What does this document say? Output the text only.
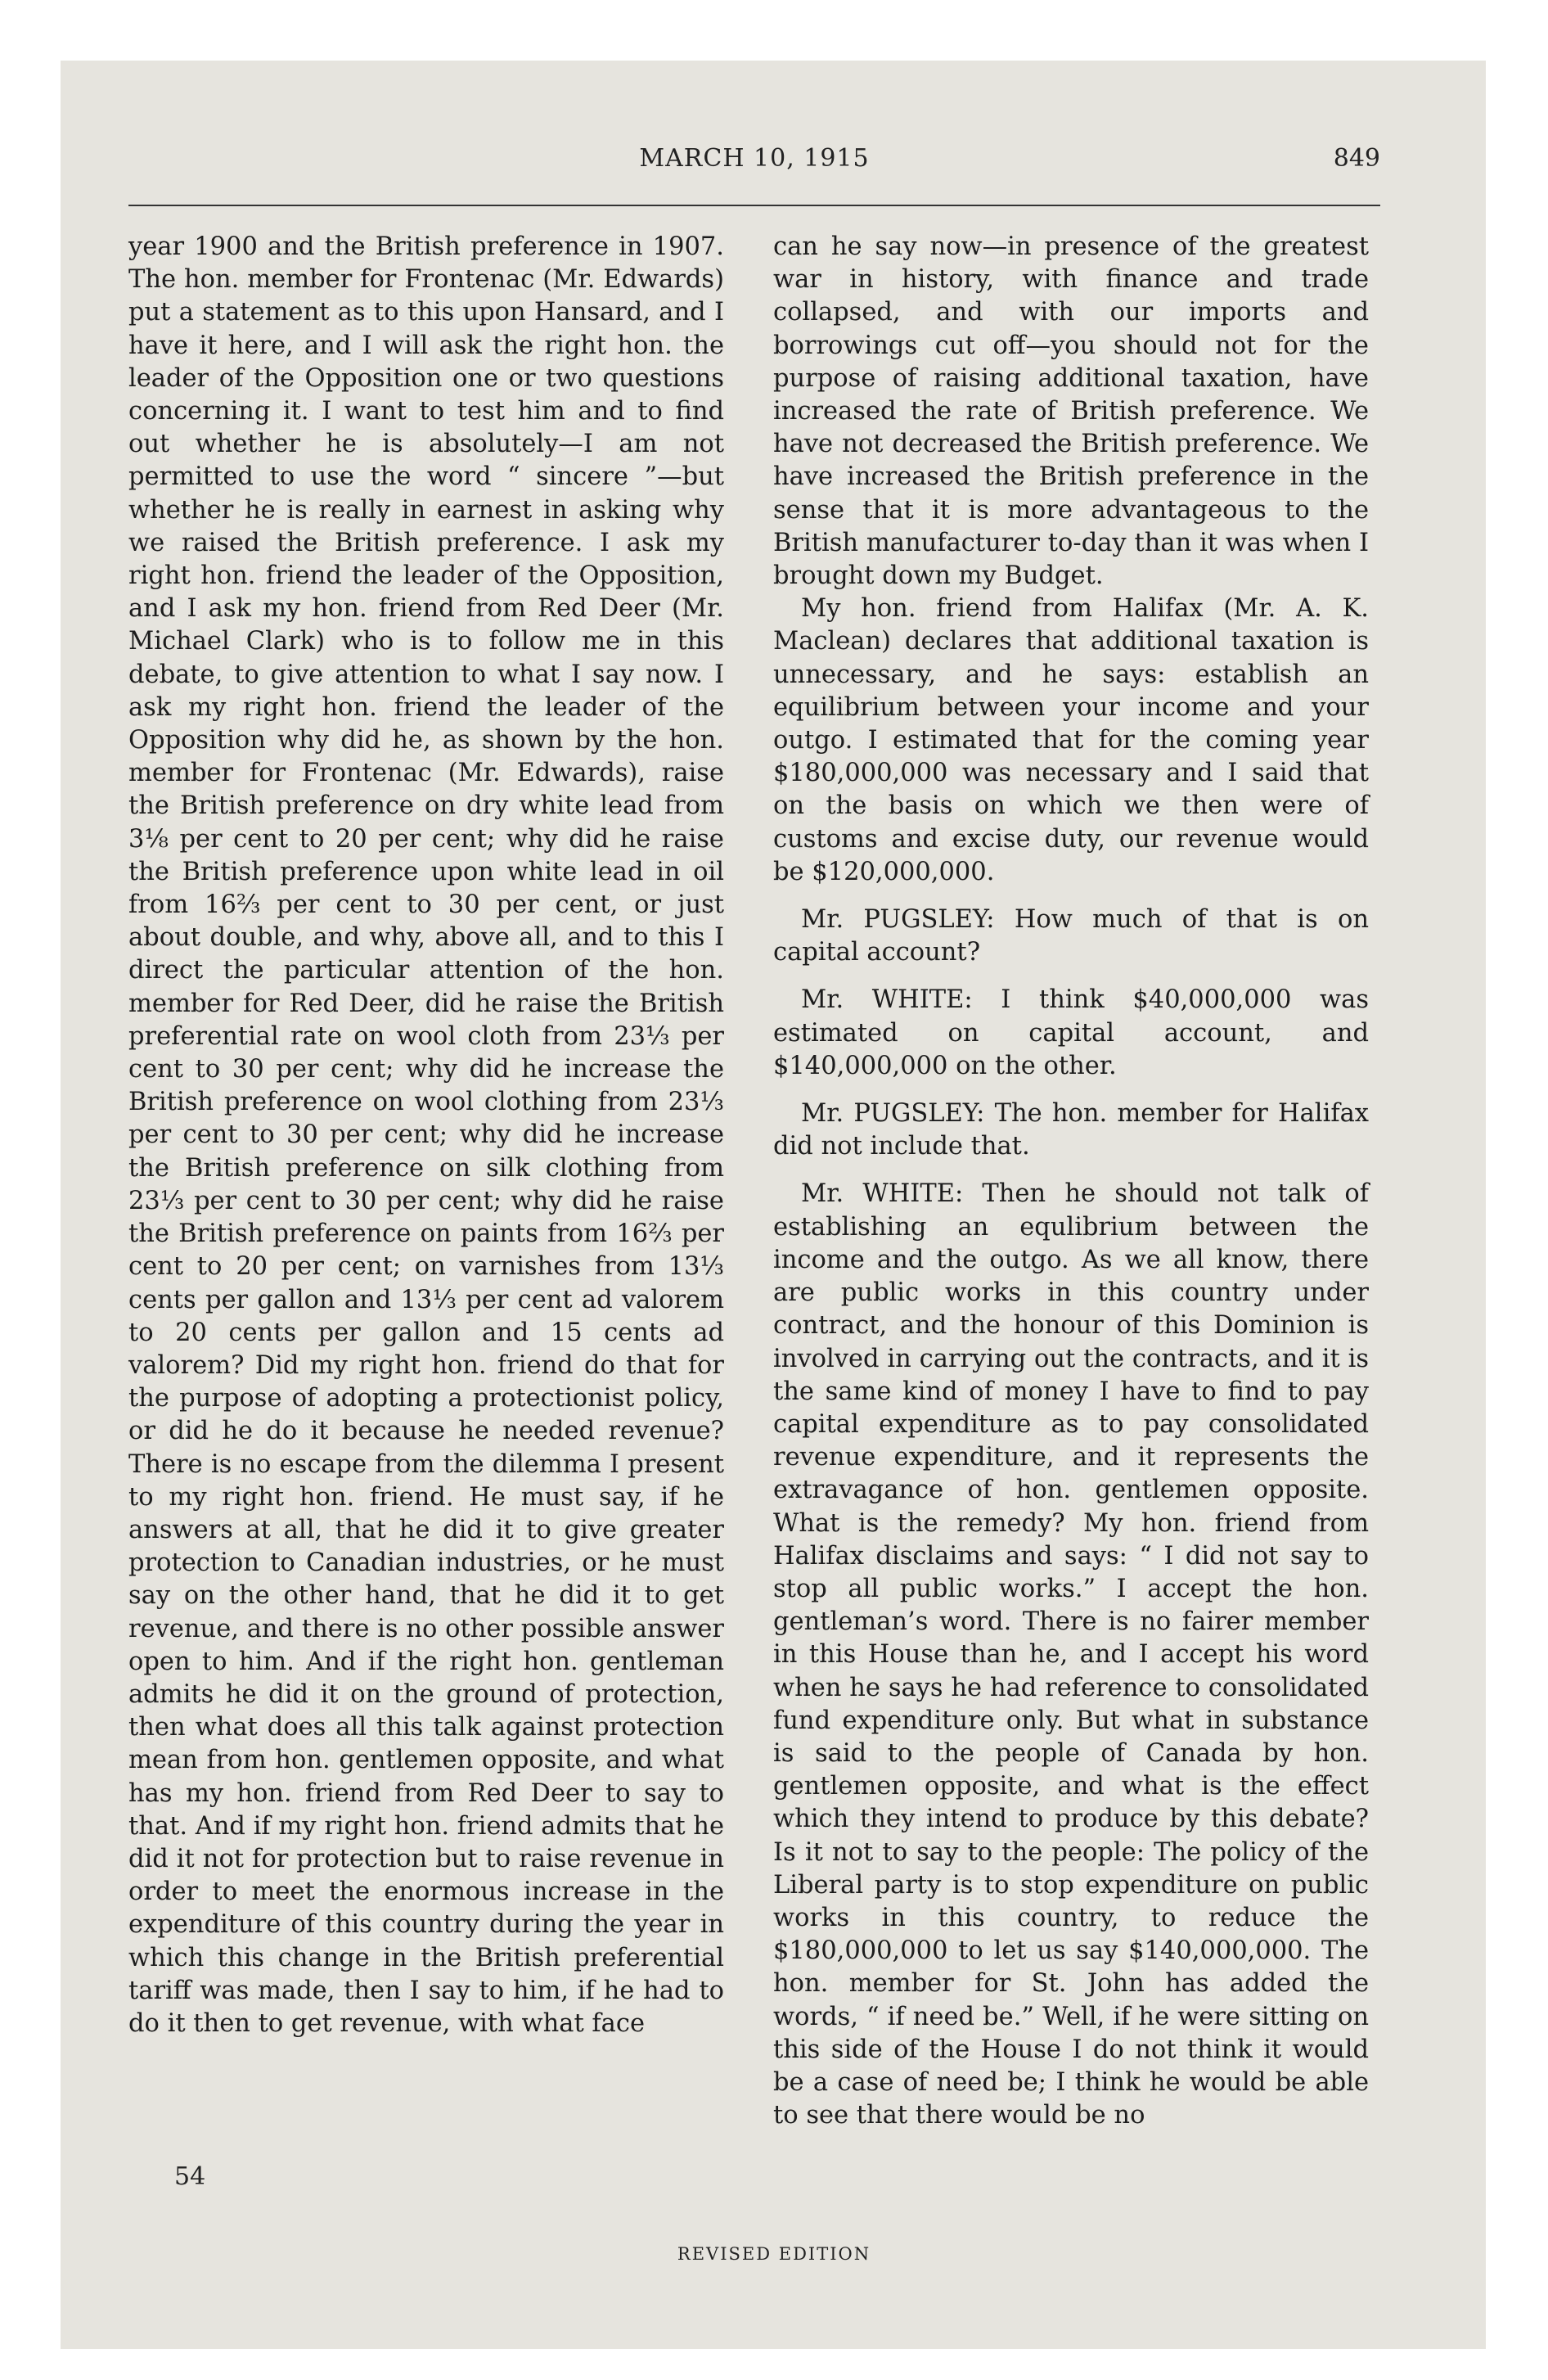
MARCH 10, 1915	849

year 1900 and the British preference in 1907. The hon. member for Frontenac (Mr. Edwards) put a statement as to this upon Hansard, and I have it here, and I will ask the right hon. the leader of the Opposition one or two questions concerning it. I want to test him and to find out whether he is absolutely—I am not permitted to use the word “ sincere ”—but whether he is really in earnest in asking why we raised the British preference. I ask my right hon. friend the leader of the Opposition, and I ask my hon. friend from Red Deer (Mr. Michael Clark) who is to follow me in this debate, to give attention to what I say now. I ask my right hon. friend the leader of the Opposition why did he, as shown by the hon. member for Frontenac (Mr. Edwards), raise the British preference on dry white lead from 3⅛ per cent to 20 per cent; why did he raise the British preference upon white lead in oil from 16⅔ per cent to 30 per cent, or just about double, and why, above all, and to this I direct the particular attention of the hon. member for Red Deer, did he raise the British preferential rate on wool cloth from 23⅓ per cent to 30 per cent; why did he increase the British preference on wool clothing from 23⅓ per cent to 30 per cent; why did he increase the British preference on silk clothing from 23⅓ per cent to 30 per cent; why did he raise the British preference on paints from 16⅔ per cent to 20 per cent; on varnishes from 13⅓ cents per gallon and 13⅓ per cent ad valorem to 20 cents per gallon and 15 cents ad valorem? Did my right hon. friend do that for the purpose of adopting a protectionist policy, or did he do it because he needed revenue? There is no escape from the dilemma I present to my right hon. friend. He must say, if he answers at all, that he did it to give greater protection to Canadian industries, or he must say on the other hand, that he did it to get revenue, and there is no other possible answer open to him. And if the right hon. gentleman admits he did it on the ground of protection, then what does all this talk against protection mean from hon. gentlemen opposite, and what has my hon. friend from Red Deer to say to that. And if my right hon. friend admits that he did it not for protection but to raise revenue in order to meet the enormous increase in the expenditure of this country during the year in which this change in the British preferential tariff was made, then I say to him, if he had to do it then to get revenue, with what face

can he say now—in presence of the greatest war in history, with finance and trade collapsed, and with our imports and borrowings cut off—you should not for the purpose of raising additional taxation, have increased the rate of British preference. We have not decreased the British preference. We have increased the British preference in the sense that it is more advantageous to the British manufacturer to-day than it was when I brought down my Budget.

My hon. friend from Halifax (Mr. A. K. Maclean) declares that additional taxation is unnecessary, and he says: establish an equilibrium between your income and your outgo. I estimated that for the coming year $180,000,000 was necessary and I said that on the basis on which we then were of customs and excise duty, our revenue would be $120,000,000.

Mr. PUGSLEY: How much of that is on capital account?

Mr. WHITE: I think $40,000,000 was estimated on capital account, and $140,000,000 on the other.

Mr. PUGSLEY: The hon. member for Halifax did not include that.

Mr. WHITE: Then he should not talk of establishing an equlibrium between the income and the outgo. As we all know, there are public works in this country under contract, and the honour of this Dominion is involved in carrying out the contracts, and it is the same kind of money I have to find to pay capital expenditure as to pay consolidated revenue expenditure, and it represents the extravagance of hon. gentlemen opposite. What is the remedy? My hon. friend from Halifax disclaims and says: “ I did not say to stop all public works.” I accept the hon. gentleman’s word. There is no fairer member in this House than he, and I accept his word when he says he had reference to consolidated fund expenditure only. But what in substance is said to the people of Canada by hon. gentlemen opposite, and what is the effect which they intend to produce by this debate? Is it not to say to the people: The policy of the Liberal party is to stop expenditure on public works in this country, to reduce the $180,000,000 to let us say $140,000,000. The hon. member for St. John has added the words, “ if need be.” Well, if he were sitting on this side of the House I do not think it would be a case of need be; I think he would be able to see that there would be no

54
REVISED EDITION
